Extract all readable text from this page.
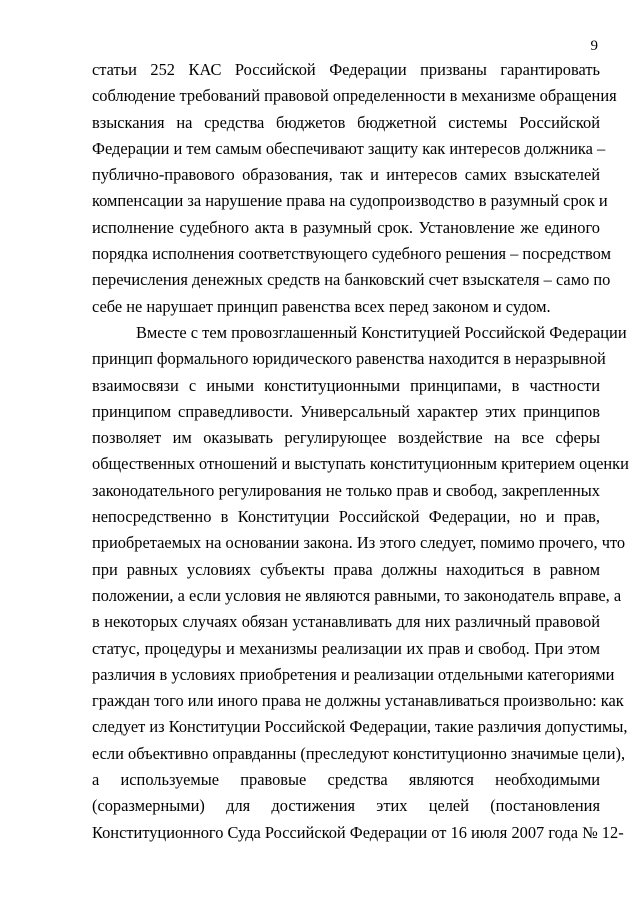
9
статьи 252 КАС Российской Федерации призваны гарантировать
соблюдение требований правовой определенности в механизме обращения
взыскания на средства бюджетов бюджетной системы Российской
Федерации и тем самым обеспечивают защиту как интересов должника –
публично-правового образования, так и интересов самих взыскателей
компенсации за нарушение права на судопроизводство в разумный срок и
исполнение судебного акта в разумный срок. Установление же единого
порядка исполнения соответствующего судебного решения – посредством
перечисления денежных средств на банковский счет взыскателя – само по
себе не нарушает принцип равенства всех перед законом и судом.
Вместе с тем провозглашенный Конституцией Российской Федерации
принцип формального юридического равенства находится в неразрывной
взаимосвязи с иными конституционными принципами, в частности
принципом справедливости. Универсальный характер этих принципов
позволяет им оказывать регулирующее воздействие на все сферы
общественных отношений и выступать конституционным критерием оценки
законодательного регулирования не только прав и свобод, закрепленных
непосредственно в Конституции Российской Федерации, но и прав,
приобретаемых на основании закона. Из этого следует, помимо прочего, что
при равных условиях субъекты права должны находиться в равном
положении, а если условия не являются равными, то законодатель вправе, а
в некоторых случаях обязан устанавливать для них различный правовой
статус, процедуры и механизмы реализации их прав и свобод. При этом
различия в условиях приобретения и реализации отдельными категориями
граждан того или иного права не должны устанавливаться произвольно: как
следует из Конституции Российской Федерации, такие различия допустимы,
если объективно оправданны (преследуют конституционно значимые цели),
а используемые правовые средства являются необходимыми
(соразмерными) для достижения этих целей (постановления
Конституционного Суда Российской Федерации от 16 июля 2007 года № 12-
